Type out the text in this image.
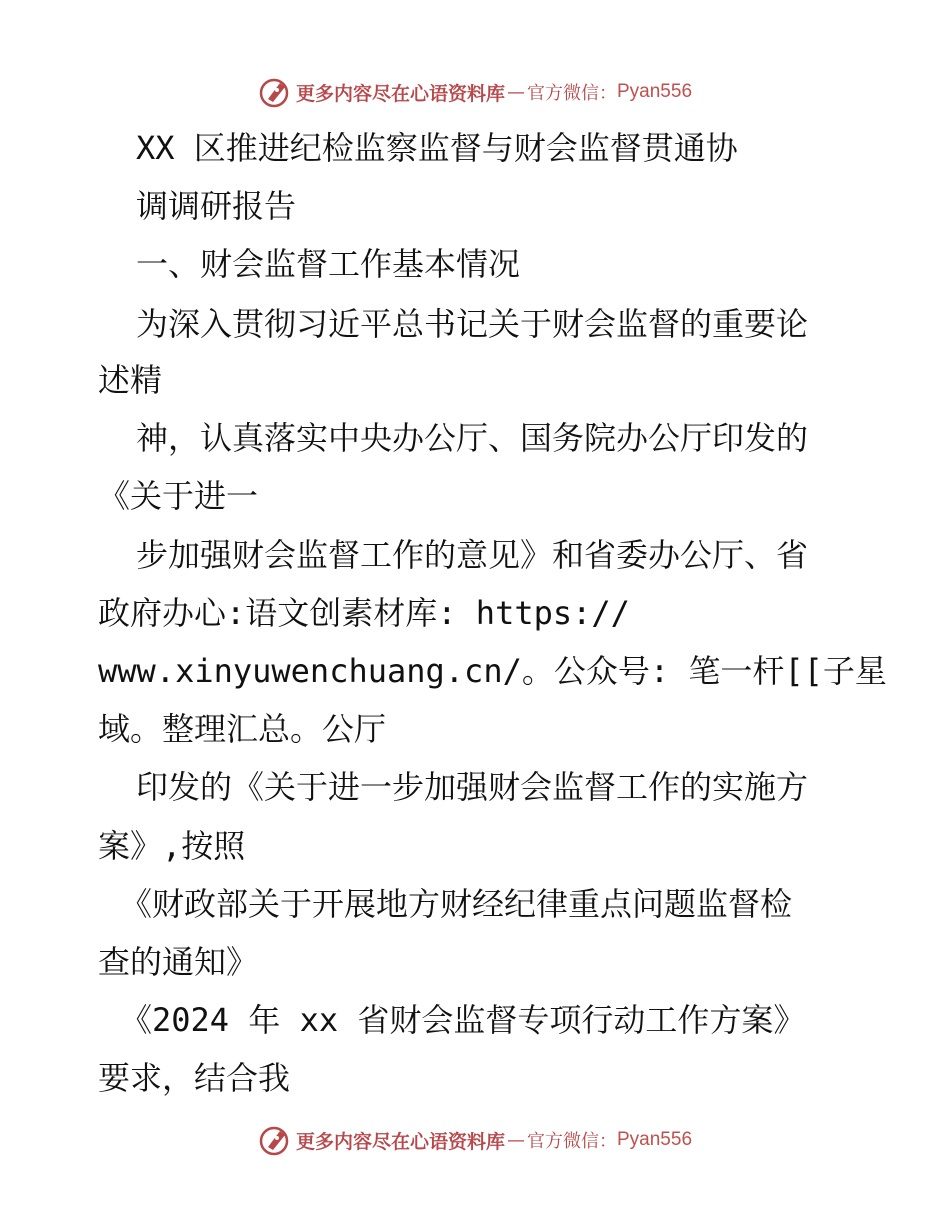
更多内容尽在心语资料库 — 官方微信： Pyan556
XX 区推进纪检监察监督与财会监督贯通协
调调研报告
一、财会监督工作基本情况
为深入贯彻习近平总书记关于财会监督的重要论
述精
神，认真落实中央办公厅、国务院办公厅印发的
《关于进一
步加强财会监督工作的意见》和省委办公厅、省
政府办心:语文创素材库: https://
www.xinyuwenchuang.cn/。公众号: 笔一杆[[子星
域。整理汇总。公厅
印发的《关于进一步加强财会监督工作的实施方
案》,按照
《财政部关于开展地方财经纪律重点问题监督检
查的通知》
《2024 年 xx 省财会监督专项行动工作方案》
要求，结合我
更多内容尽在心语资料库 — 官方微信： Pyan556
